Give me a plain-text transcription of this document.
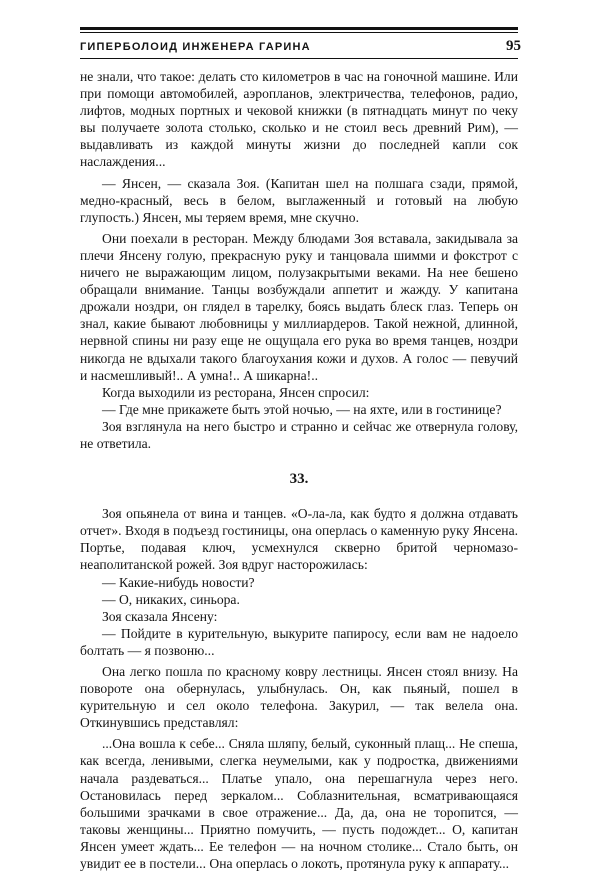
ГИПЕРБОЛОИД ИНЖЕНЕРА ГАРИНА	95

не знали, что такое: делать сто километров в час на гоночной машине. Или при помощи автомобилей, аэропланов, электричества, телефонов, радио, лифтов, модных портных и чековой книжки (в пятнадцать минут по чеку вы получаете золота столько, сколько и не стоил весь древний Рим), — выдавливать из каждой минуты жизни до последней капли сок наслаждения...

— Янсен, — сказала Зоя. (Капитан шел на полшага сзади, прямой, медно-красный, весь в белом, выглаженный и готовый на любую глупость.) Янсен, мы теряем время, мне скучно.

Они поехали в ресторан. Между блюдами Зоя вставала, закидывала за плечи Янсену голую, прекрасную руку и танцовала шимми и фокстрот с ничего не выражающим лицом, полузакрытыми веками. На нее бешено обращали внимание. Танцы возбуждали аппетит и жажду. У капитана дрожали ноздри, он глядел в тарелку, боясь выдать блеск глаз. Теперь он знал, какие бывают любовницы у миллиардеров. Такой нежной, длинной, нервной спины ни разу еще не ощущала его рука во время танцев, ноздри никогда не вдыхали такого благоухания кожи и духов. А голос — певучий и насмешливый!.. А умна!.. А шикарна!..

Когда выходили из ресторана, Янсен спросил:

— Где мне прикажете быть этой ночью, — на яхте, или в гостинице?

Зоя взглянула на него быстро и странно и сейчас же отвернула голову, не ответила.

33.

Зоя опьянела от вина и танцев. «О-ла-ла, как будто я должна отдавать отчет». Входя в подъезд гостиницы, она оперлась о каменную руку Янсена. Портье, подавая ключ, усмехнулся скверно бритой черномазо-неаполитанской рожей. Зоя вдруг насторожилась:

— Какие-нибудь новости?

— О, никаких, синьора.

Зоя сказала Янсену:

— Пойдите в курительную, выкурите папиросу, если вам не надоело болтать — я позвоню...

Она легко пошла по красному ковру лестницы. Янсен стоял внизу. На повороте она обернулась, улыбнулась. Он, как пьяный, пошел в курительную и сел около телефона. Закурил, — так велела она. Откинувшись представлял:

...Она вошла к себе... Сняла шляпу, белый, суконный плащ... Не спеша, как всегда, ленивыми, слегка неумелыми, как у подростка, движениями начала раздеваться... Платье упало, она перешагнула через него. Остановилась перед зеркалом... Соблазнительная, всматривающаяся большими зрачками в свое отражение... Да, да, она не торопится, — таковы женщины... Приятно помучить, — пусть подождет... О, капитан Янсен умеет ждать... Ее телефон — на ночном столике... Стало быть, он увидит ее в постели... Она оперлась о локоть, протянула руку к аппарату...
